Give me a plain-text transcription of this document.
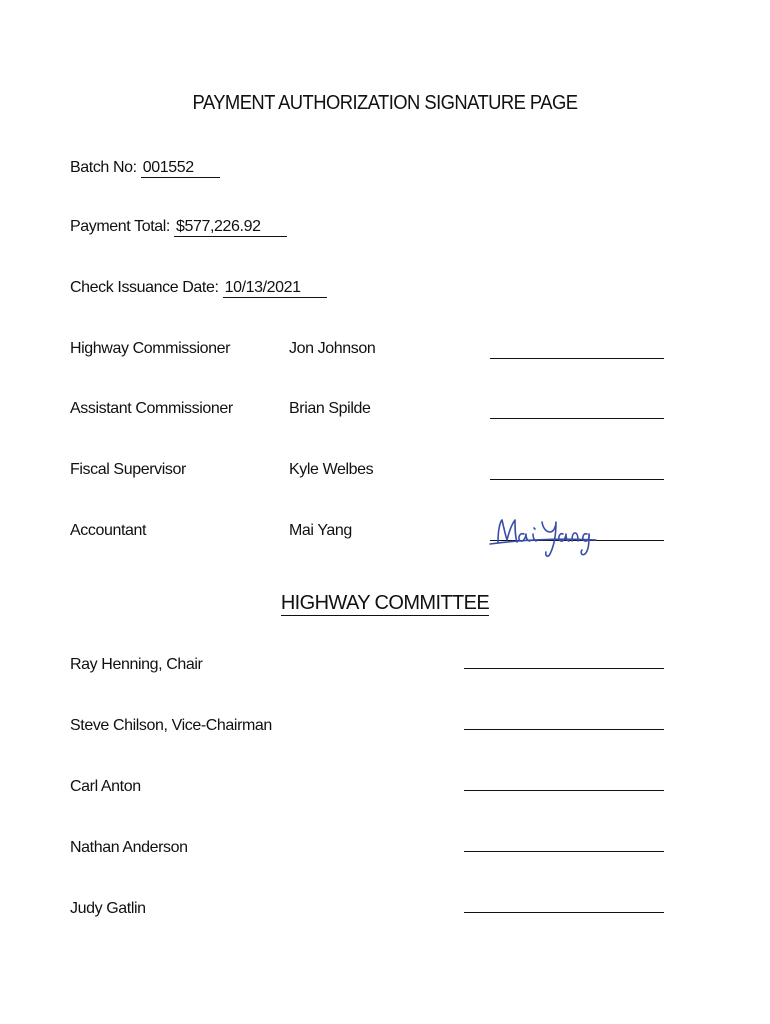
PAYMENT AUTHORIZATION SIGNATURE PAGE
Batch No: 001552
Payment Total: $577,226.92
Check Issuance Date: 10/13/2021
Highway Commissioner	Jon Johnson
Assistant Commissioner	Brian Spilde
Fiscal Supervisor	Kyle Welbes
Accountant	Mai Yang
HIGHWAY COMMITTEE
Ray Henning, Chair
Steve Chilson, Vice-Chairman
Carl Anton
Nathan Anderson
Judy Gatlin
